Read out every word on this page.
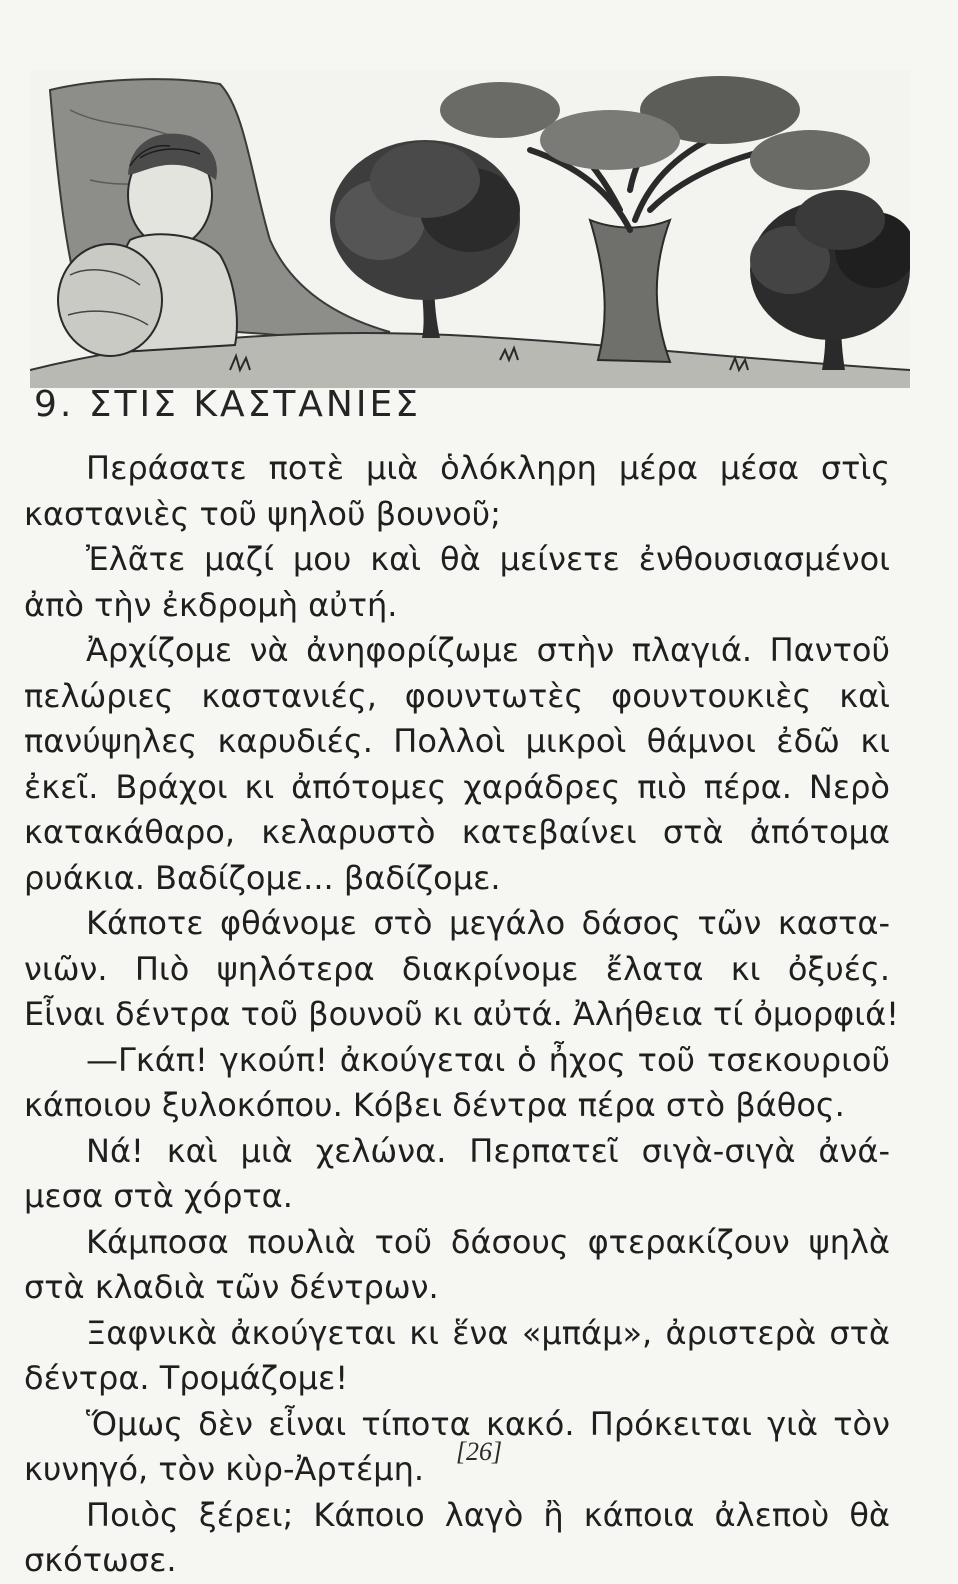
9. ΣΤΙΣ ΚΑΣΤΑΝΙΕΣ
Περάσατε ποτὲ μιὰ ὁλόκληρη μέρα μέσα στὶς
καστανιὲς τοῦ ψηλοῦ βουνοῦ;
Ἐλᾶτε μαζί μου καὶ θὰ μείνετε ἐνθουσιασμένοι
ἀπὸ τὴν ἐκδρομὴ αὐτή.
Ἀρχίζομε νὰ ἀνηφορίζωμε στὴν πλαγιά. Παντοῦ
πελώριες καστανιές, φουντωτὲς φουντουκιὲς καὶ
πανύψηλες καρυδιές. Πολλοὶ μικροὶ θάμνοι ἐδῶ κι
ἐκεῖ. Βράχοι κι ἀπότομες χαράδρες πιὸ πέρα. Νερὸ
κατακάθαρο, κελαρυστὸ κατεβαίνει στὰ ἀπότομα
ρυάκια. Βαδίζομε... βαδίζομε.
Κάποτε φθάνομε στὸ μεγάλο δάσος τῶν καστα-
νιῶν. Πιὸ ψηλότερα διακρίνομε ἔλατα κι ὀξυές.
Εἶναι δέντρα τοῦ βουνοῦ κι αὐτά. Ἀλήθεια τί ὀμορφιά!
—Γκάπ! γκούπ! ἀκούγεται ὁ ἦχος τοῦ τσεκουριοῦ
κάποιου ξυλοκόπου. Κόβει δέντρα πέρα στὸ βάθος.
Νά! καὶ μιὰ χελώνα. Περπατεῖ σιγὰ-σιγὰ ἀνά-
μεσα στὰ χόρτα.
Κάμποσα πουλιὰ τοῦ δάσους φτερακίζουν ψηλὰ
στὰ κλαδιὰ τῶν δέντρων.
Ξαφνικὰ ἀκούγεται κι ἕνα «μπάμ», ἀριστερὰ στὰ
δέντρα. Τρομάζομε!
Ὅμως δὲν εἶναι τίποτα κακό. Πρόκειται γιὰ τὸν
κυνηγό, τὸν κὺρ-Ἀρτέμη.
Ποιὸς ξέρει; Κάποιο λαγὸ ἢ κάποια ἀλεποὺ θὰ
σκότωσε.
[26]
